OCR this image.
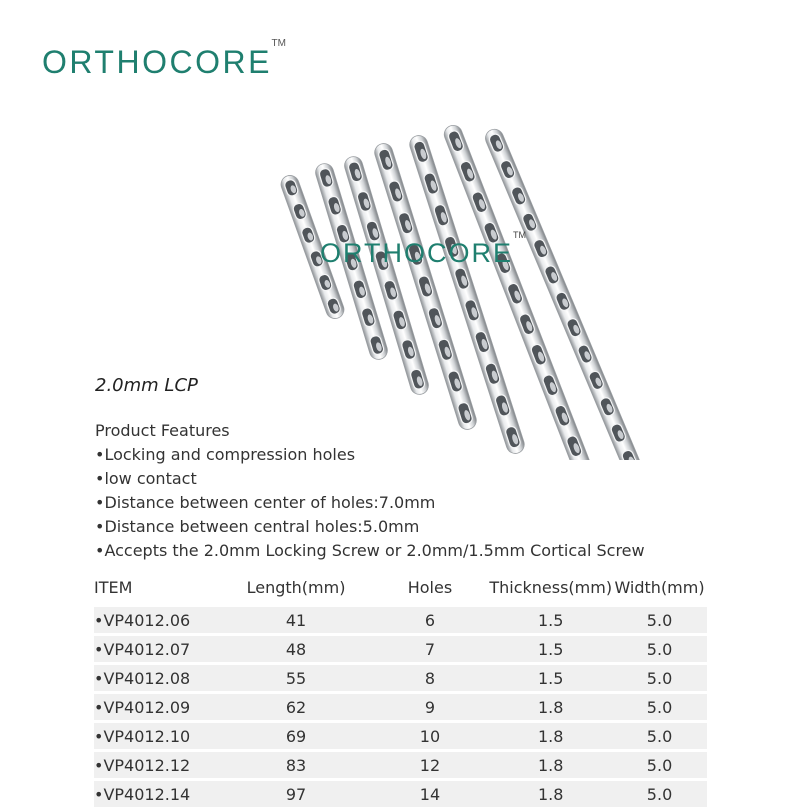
ORTHOCORE
TM
ORTHOCORE
TM
2.0mm LCP
Product Features
•Locking and compression holes
•low contact
•Distance between center of holes:7.0mm
•Distance between central holes:5.0mm
•Accepts the 2.0mm Locking Screw or 2.0mm/1.5mm Cortical Screw
ITEM	Length(mm)	Holes	Thickness(mm)	Width(mm)
•VP4012.06	41	6	1.5	5.0
•VP4012.07	48	7	1.5	5.0
•VP4012.08	55	8	1.5	5.0
•VP4012.09	62	9	1.8	5.0
•VP4012.10	69	10	1.8	5.0
•VP4012.12	83	12	1.8	5.0
•VP4012.14	97	14	1.8	5.0
